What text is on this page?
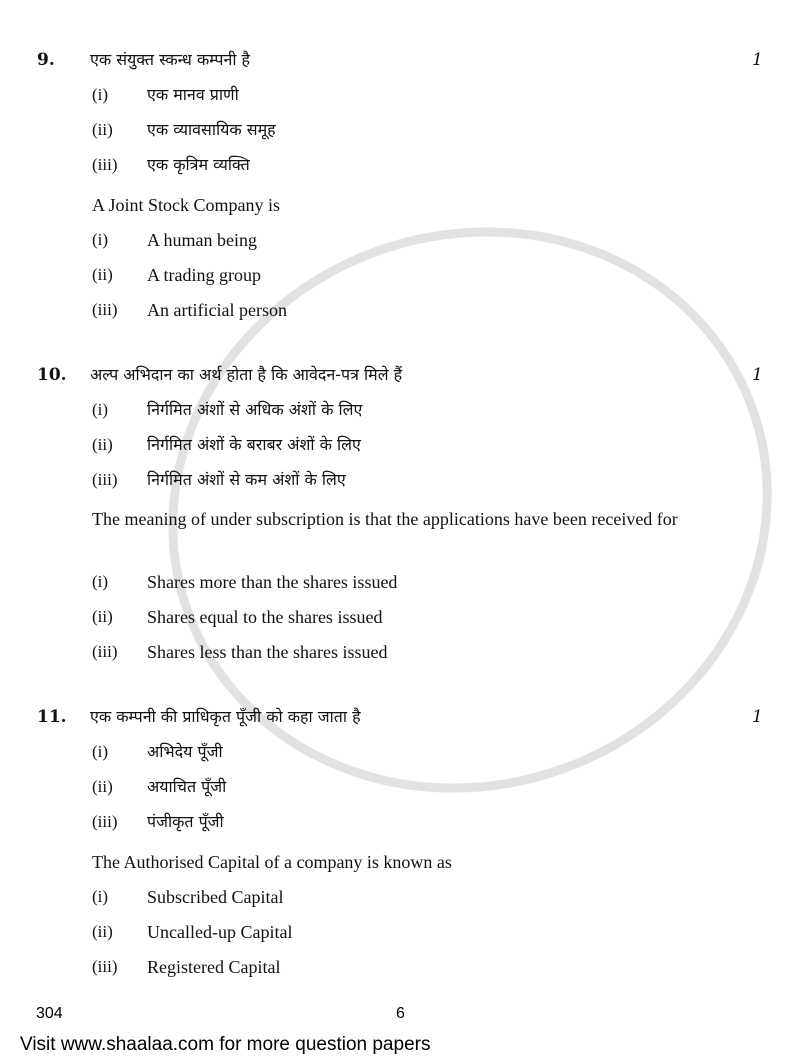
9. एक संयुक्त स्कन्ध कम्पनी है	1
(i) एक मानव प्राणी
(ii) एक व्यावसायिक समूह
(iii) एक कृत्रिम व्यक्ति
A Joint Stock Company is
(i) A human being
(ii) A trading group
(iii) An artificial person
10. अल्प अभिदान का अर्थ होता है कि आवेदन-पत्र मिले हैं	1
(i) निर्गमित अंशों से अधिक अंशों के लिए
(ii) निर्गमित अंशों के बराबर अंशों के लिए
(iii) निर्गमित अंशों से कम अंशों के लिए
The meaning of under subscription is that the applications have been received for
(i) Shares more than the shares issued
(ii) Shares equal to the shares issued
(iii) Shares less than the shares issued
11. एक कम्पनी की प्राधिकृत पूँजी को कहा जाता है	1
(i) अभिदेय पूँजी
(ii) अयाचित पूँजी
(iii) पंजीकृत पूँजी
The Authorised Capital of a company is known as
(i) Subscribed Capital
(ii) Uncalled-up Capital
(iii) Registered Capital
304	6
Visit www.shaalaa.com for more question papers
